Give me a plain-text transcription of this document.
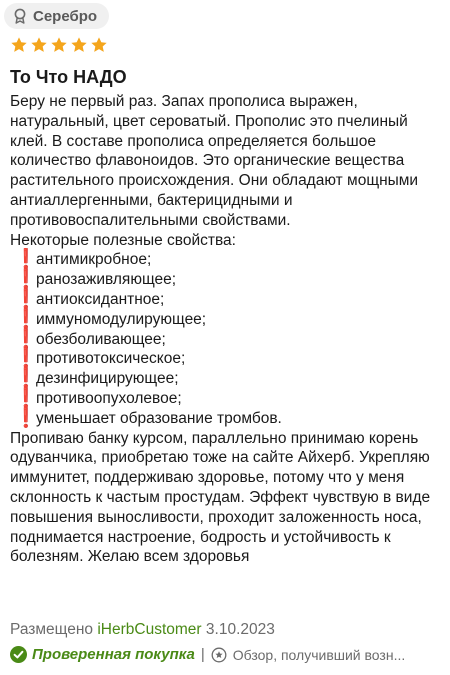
Серебро
То Что НАДО

Беру не первый раз. Запах прополиса выражен, натуральный, цвет сероватый. Прополис это пчелиный клей. В составе прополиса определяется большое количество флавоноидов. Это органические вещества растительного происхождения. Они обладают мощными антиаллергенными, бактерицидными и противовоспалительными свойствами.

Некоторые полезные свойства:

❗
антимикробное;
❗
ранозаживляющее;
❗
антиоксидантное;
❗
иммуномодулирующее;
❗
обезболивающее;
❗
противотоксическое;
❗
дезинфицирующее;
❗
противоопухолевое;
❗
уменьшает образование тромбов.

Пропиваю банку курсом, параллельно принимаю корень одуванчика, приобретаю тоже на сайте Айхерб. Укрепляю иммунитет, поддерживаю здоровье, потому что у меня склонность к частым простудам. Эффект чувствую в виде повышения выносливости, проходит заложенность носа, поднимается настроение, бодрость и устойчивость к болезням. Желаю всем здоровья

Размещено iHerbCustomer 3.10.2023
Проверенная покупка | Обзор, получивший возн...
